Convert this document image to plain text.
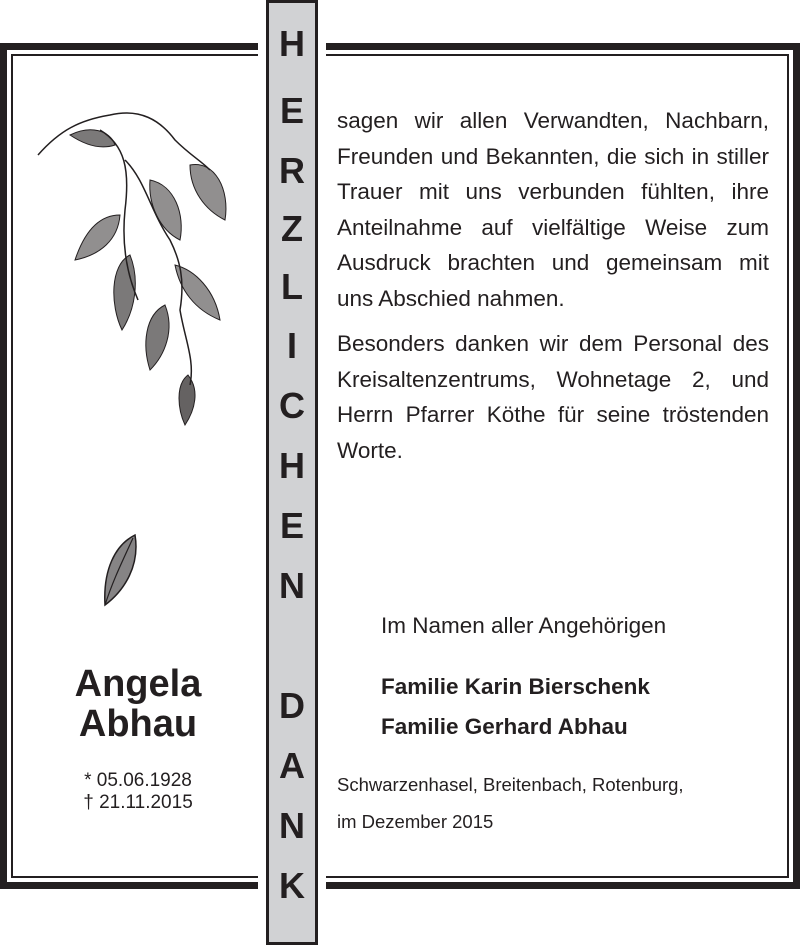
H
E
R
Z
L
I
C
H
E
N
D
A
N
K
Angela
Abhau
* 05.06.1928
† 21.11.2015

sagen wir allen Verwandten, Nachbarn, Freunden und Bekannten, die sich in stiller Trauer mit uns verbunden fühlten, ihre Anteilnahme auf vielfältige Weise zum Ausdruck brachten und gemeinsam mit uns Abschied nahmen.

Besonders danken wir dem Personal des Kreisaltenzentrums, Wohnetage 2, und Herrn Pfarrer Köthe für seine tröstenden Worte.

Im Namen aller Angehörigen
Familie Karin Bierschenk
Familie Gerhard Abhau
Schwarzenhasel, Breitenbach, Rotenburg,
im Dezember 2015
